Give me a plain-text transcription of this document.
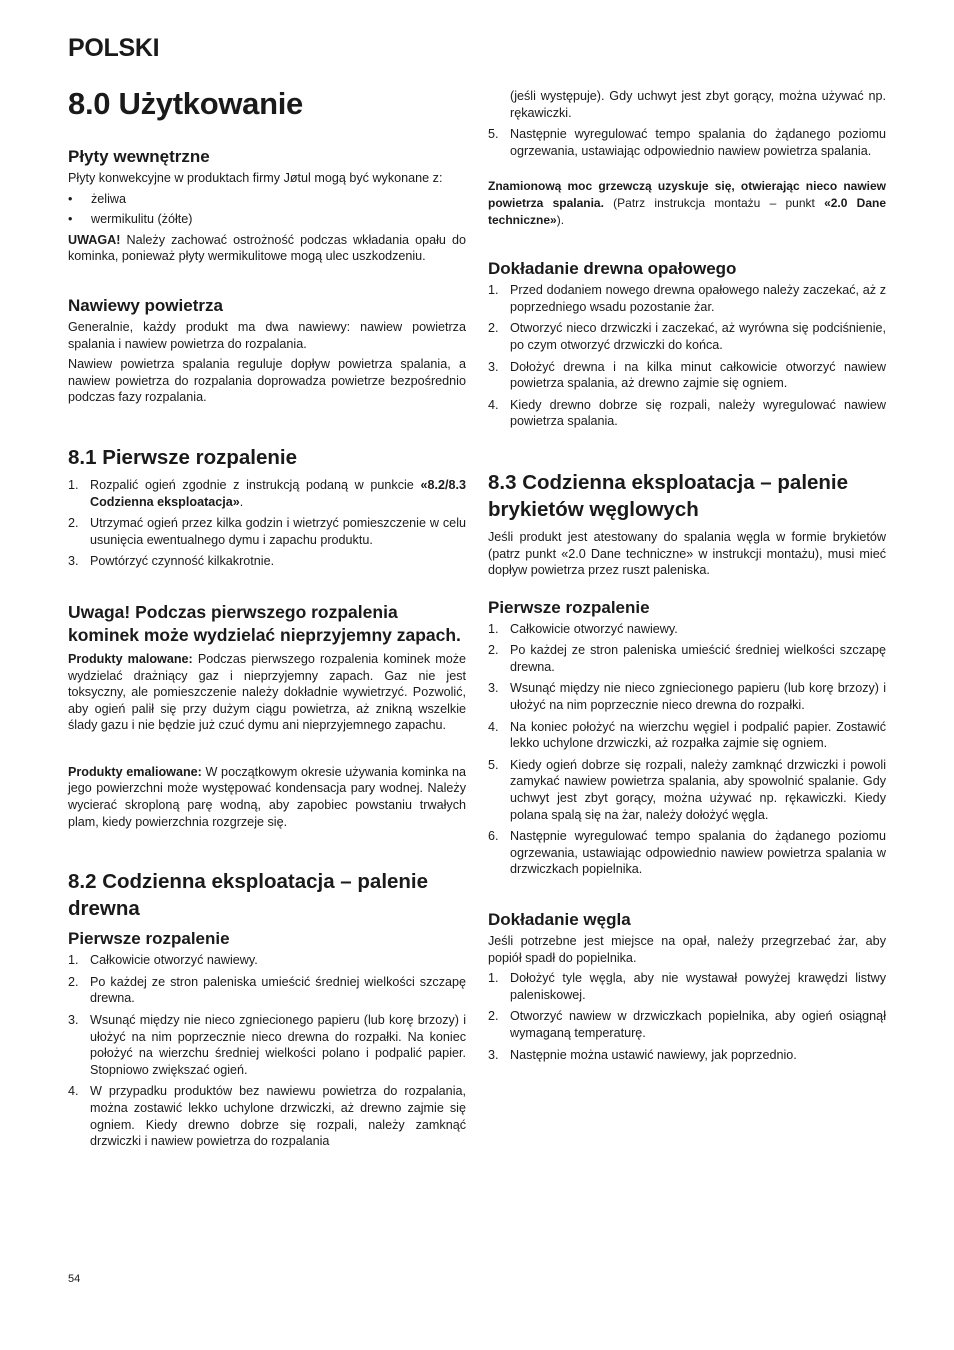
POLSKI
8.0 Użytkowanie
Płyty wewnętrzne

Płyty konwekcyjne w produktach firmy Jøtul mogą być wykonane z:

• żeliwa
• wermikulitu (żółte)

UWAGA! Należy zachować ostrożność podczas wkładania opału do kominka, ponieważ płyty wermikulitowe mogą ulec uszkodzeniu.

Nawiewy powietrza

Generalnie, każdy produkt ma dwa nawiewy: nawiew powietrza spalania i nawiew powietrza do rozpalania.

Nawiew powietrza spalania reguluje dopływ powietrza spalania, a nawiew powietrza do rozpalania doprowadza powietrze bezpośrednio podczas fazy rozpalania.

8.1 Pierwsze rozpalenie
1. Rozpalić ogień zgodnie z instrukcją podaną w punkcie «8.2/8.3 Codzienna eksploatacja».
2. Utrzymać ogień przez kilka godzin i wietrzyć pomieszczenie w celu usunięcia ewentualnego dymu i zapachu produktu.
3. Powtórzyć czynność kilkakrotnie.
Uwaga! Podczas pierwszego rozpalenia kominek może wydzielać nieprzyjemny zapach.

Produkty malowane: Podczas pierwszego rozpalenia kominek może wydzielać drażniący gaz i nieprzyjemny zapach. Gaz nie jest toksyczny, ale pomieszczenie należy dokładnie wywietrzyć. Pozwolić, aby ogień palił się przy dużym ciągu powietrza, aż znikną wszelkie ślady gazu i nie będzie już czuć dymu ani nieprzyjemnego zapachu.

Produkty emaliowane: W początkowym okresie używania kominka na jego powierzchni może występować kondensacja pary wodnej. Należy wycierać skroploną parę wodną, aby zapobiec powstaniu trwałych plam, kiedy powierzchnia rozgrzeje się.

8.2 Codzienna eksploatacja – palenie drewna
Pierwsze rozpalenie
1. Całkowicie otworzyć nawiewy.
2. Po każdej ze stron paleniska umieścić średniej wielkości szczapę drewna.
3. Wsunąć między nie nieco zgniecionego papieru (lub korę brzozy) i ułożyć na nim poprzecznie nieco drewna do rozpałki. Na koniec położyć na wierzchu średniej wielkości polano i podpalić papier. Stopniowo zwiększać ogień.
4. W przypadku produktów bez nawiewu powietrza do rozpalania, można zostawić lekko uchylone drzwiczki, aż drewno zajmie się ogniem. Kiedy drewno dobrze się rozpali, należy zamknąć drzwiczki i nawiew powietrza do rozpalania
(jeśli występuje). Gdy uchwyt jest zbyt gorący, można używać np. rękawiczki.
5. Następnie wyregulować tempo spalania do żądanego poziomu ogrzewania, ustawiając odpowiednio nawiew powietrza spalania.

Znamionową moc grzewczą uzyskuje się, otwierając nieco nawiew powietrza spalania. (Patrz instrukcja montażu – punkt «2.0 Dane techniczne»).

Dokładanie drewna opałowego
1. Przed dodaniem nowego drewna opałowego należy zaczekać, aż z poprzedniego wsadu pozostanie żar.
2. Otworzyć nieco drzwiczki i zaczekać, aż wyrówna się podciśnienie, po czym otworzyć drzwiczki do końca.
3. Dołożyć drewna i na kilka minut całkowicie otworzyć nawiew powietrza spalania, aż drewno zajmie się ogniem.
4. Kiedy drewno dobrze się rozpali, należy wyregulować nawiew powietrza spalania.
8.3 Codzienna eksploatacja – palenie brykietów węglowych

Jeśli produkt jest atestowany do spalania węgla w formie brykietów (patrz punkt «2.0 Dane techniczne» w instrukcji montażu), musi mieć dopływ powietrza przez ruszt paleniska.

Pierwsze rozpalenie
1. Całkowicie otworzyć nawiewy.
2. Po każdej ze stron paleniska umieścić średniej wielkości szczapę drewna.
3. Wsunąć między nie nieco zgniecionego papieru (lub korę brzozy) i ułożyć na nim poprzecznie nieco drewna do rozpałki.
4. Na koniec położyć na wierzchu węgiel i podpalić papier. Zostawić lekko uchylone drzwiczki, aż rozpałka zajmie się ogniem.
5. Kiedy ogień dobrze się rozpali, należy zamknąć drzwiczki i powoli zamykać nawiew powietrza spalania, aby spowolnić spalanie. Gdy uchwyt jest zbyt gorący, można używać np. rękawiczki. Kiedy polana spalą się na żar, należy dołożyć węgla.
6. Następnie wyregulować tempo spalania do żądanego poziomu ogrzewania, ustawiając odpowiednio nawiew powietrza spalania w drzwiczkach popielnika.
Dokładanie węgla

Jeśli potrzebne jest miejsce na opał, należy przegrzebać żar, aby popiół spadł do popielnika.

1. Dołożyć tyle węgla, aby nie wystawał powyżej krawędzi listwy paleniskowej.
2. Otworzyć nawiew w drzwiczkach popielnika, aby ogień osiągnął wymaganą temperaturę.
3. Następnie można ustawić nawiewy, jak poprzednio.
54
